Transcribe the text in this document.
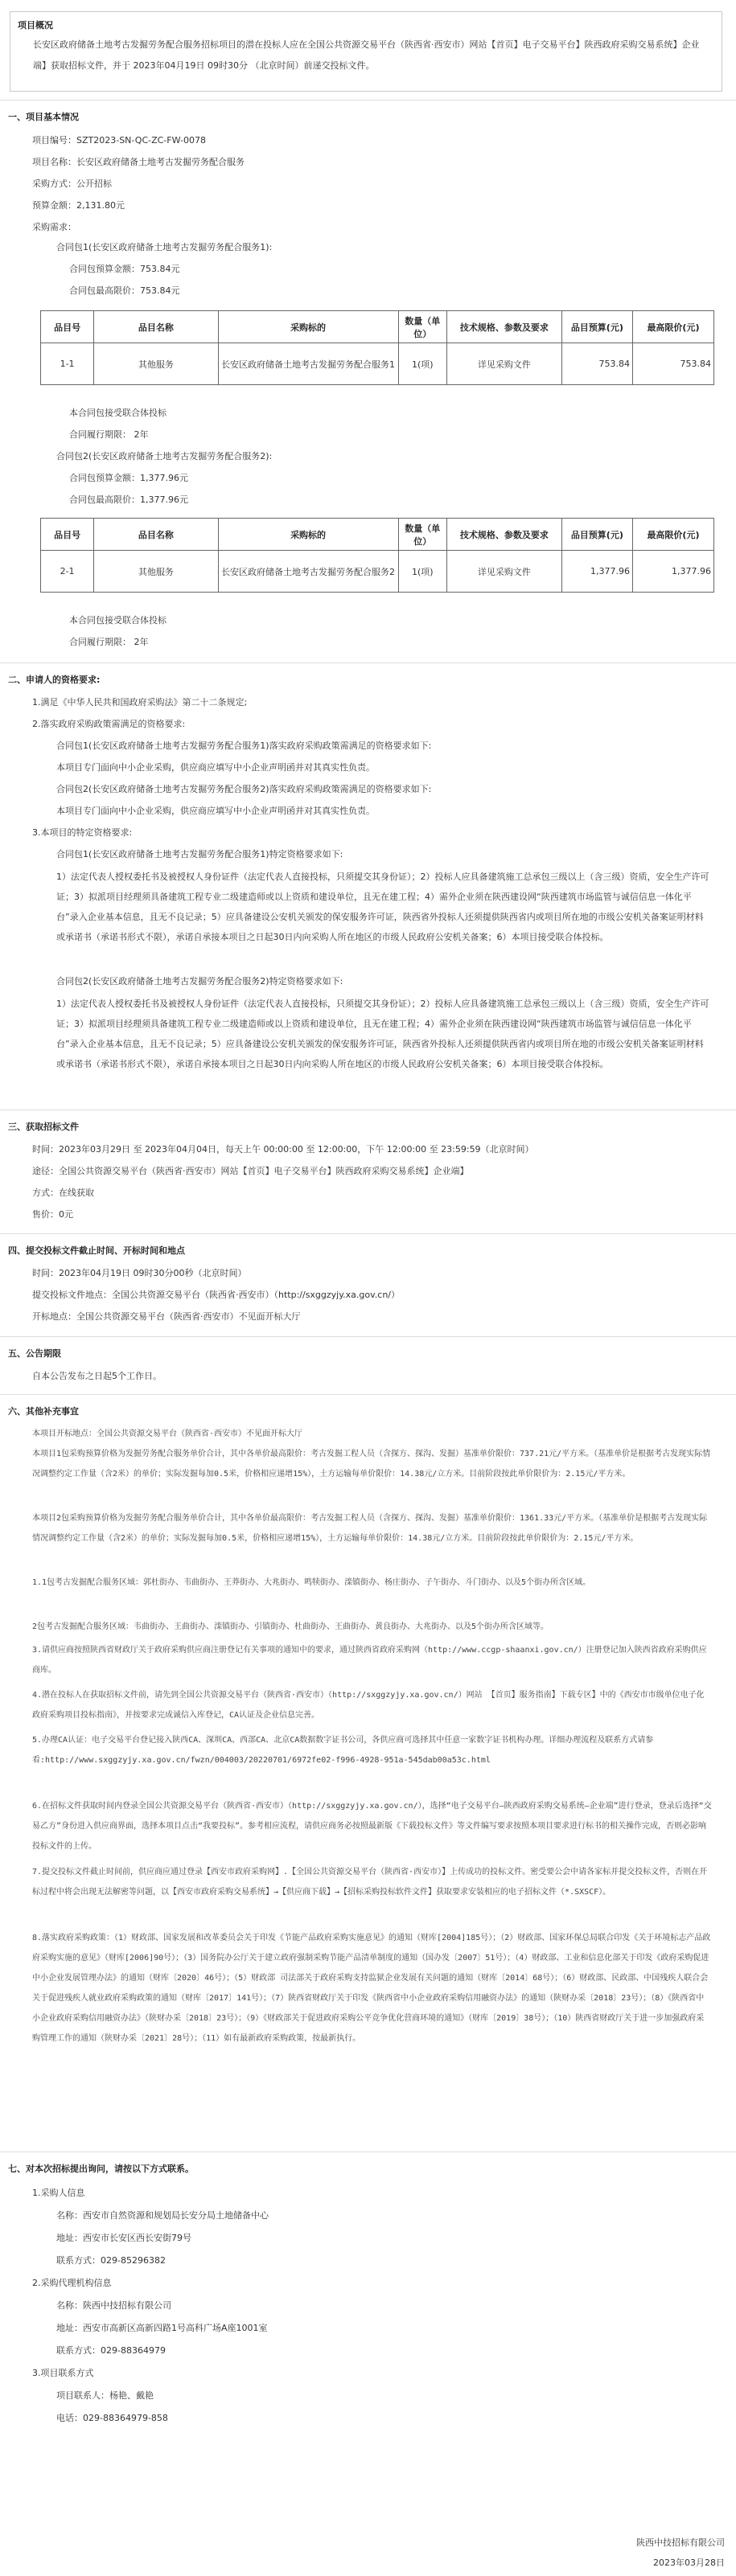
项目概况
长安区政府储备土地考古发掘劳务配合服务招标项目的潜在投标人应在全国公共资源交易平台（陕西省·西安市）网站【首页】电子交易平台】陕西政府采购交易系统】企业端】获取招标文件，并于 2023年04月19日 09时30分 （北京时间）前递交投标文件。
一、项目基本情况
项目编号：SZT2023-SN-QC-ZC-FW-0078
项目名称：长安区政府储备土地考古发掘劳务配合服务
采购方式：公开招标
预算金额：2,131.80元
采购需求：
合同包1(长安区政府储备土地考古发掘劳务配合服务1):
合同包预算金额：753.84元
合同包最高限价：753.84元
品目号	品目名称	采购标的	数量（单位）	技术规格、参数及要求	品目预算(元)	最高限价(元)
1-1	其他服务	长安区政府储备土地考古发掘劳务配合服务1	1(项)	详见采购文件	753.84	753.84
本合同包接受联合体投标
合同履行期限： 2年
合同包2(长安区政府储备土地考古发掘劳务配合服务2):
合同包预算金额：1,377.96元
合同包最高限价：1,377.96元
品目号	品目名称	采购标的	数量（单位）	技术规格、参数及要求	品目预算(元)	最高限价(元)
2-1	其他服务	长安区政府储备土地考古发掘劳务配合服务2	1(项)	详见采购文件	1,377.96	1,377.96
本合同包接受联合体投标
合同履行期限： 2年
二、申请人的资格要求:
1.满足《中华人民共和国政府采购法》第二十二条规定;
2.落实政府采购政策需满足的资格要求:
合同包1(长安区政府储备土地考古发掘劳务配合服务1)落实政府采购政策需满足的资格要求如下:
本项目专门面向中小企业采购，供应商应填写中小企业声明函并对其真实性负责。
合同包2(长安区政府储备土地考古发掘劳务配合服务2)落实政府采购政策需满足的资格要求如下:
本项目专门面向中小企业采购，供应商应填写中小企业声明函并对其真实性负责。
3.本项目的特定资格要求:
合同包1(长安区政府储备土地考古发掘劳务配合服务1)特定资格要求如下:
1）法定代表人授权委托书及被授权人身份证件（法定代表人直接投标，只须提交其身份证）；2）投标人应具备建筑施工总承包三级以上（含三级）资质，安全生产许可证；3）拟派项目经理须具备建筑工程专业二级建造师或以上资质和建设单位，且无在建工程；4）需外企业须在陕西建设网“陕西建筑市场监管与诚信信息一体化平台”录入企业基本信息，且无不良记录；5）应具备建设公安机关颁发的保安服务许可证，陕西省外投标人还须提供陕西省内或项目所在地的市级公安机关备案证明材料或承诺书（承诺书形式不限），承诺自承接本项目之日起30日内向采购人所在地区的市级人民政府公安机关备案；6）本项目接受联合体投标。
合同包2(长安区政府储备土地考古发掘劳务配合服务2)特定资格要求如下:
1）法定代表人授权委托书及被授权人身份证件（法定代表人直接投标，只须提交其身份证）；2）投标人应具备建筑施工总承包三级以上（含三级）资质，安全生产许可证；3）拟派项目经理须具备建筑工程专业二级建造师或以上资质和建设单位，且无在建工程；4）需外企业须在陕西建设网“陕西建筑市场监管与诚信信息一体化平台”录入企业基本信息，且无不良记录；5）应具备建设公安机关颁发的保安服务许可证，陕西省外投标人还须提供陕西省内或项目所在地的市级公安机关备案证明材料或承诺书（承诺书形式不限），承诺自承接本项目之日起30日内向采购人所在地区的市级人民政府公安机关备案；6）本项目接受联合体投标。
三、获取招标文件
时间：2023年03月29日 至 2023年04月04日，每天上午 00:00:00 至 12:00:00，下午 12:00:00 至 23:59:59（北京时间）
途径：全国公共资源交易平台（陕西省·西安市）网站【首页】电子交易平台】陕西政府采购交易系统】企业端】
方式：在线获取
售价：0元
四、提交投标文件截止时间、开标时间和地点
时间：2023年04月19日 09时30分00秒（北京时间）
提交投标文件地点：全国公共资源交易平台（陕西省·西安市）（http://sxggzyjy.xa.gov.cn/）
开标地点：全国公共资源交易平台（陕西省·西安市）不见面开标大厅
五、公告期限
自本公告发布之日起5个工作日。
六、其他补充事宜
本项目开标地点：全国公共资源交易平台（陕西省·西安市）不见面开标大厅
本项目1包采购预算价格为发掘劳务配合服务单价合计，其中各单价最高限价：考古发掘工程人员（含探方、探沟、发掘）基准单价限价：737.21元/平方米。（基准单价是根据考古发现实际情况调整约定工作量（含2米）的单价；实际发掘每加0.5米，价格相应递增15%），土方运输每单价限价：14.38元/立方米。目前阶段按此单价限价为：2.15元/平方米。
本项目2包采购预算价格为发掘劳务配合服务单价合计，其中各单价最高限价：考古发掘工程人员（含探方、探沟、发掘）基准单价限价：1361.33元/平方米。（基准单价是根据考古发现实际情况调整约定工作量（含2米）的单价；实际发掘每加0.5米，价格相应递增15%），土方运输每单价限价：14.38元/立方米。目前阶段按此单价限价为：2.15元/平方米。
1.1包考古发掘配合服务区域：郭杜街办、韦曲街办、王莽街办、大兆街办、鸣犊街办、滦镇街办、杨庄街办、子午街办、斗门街办、以及5个街办所含区域。
2包考古发掘配合服务区域：韦曲街办、王曲街办、滦镇街办、引镇街办、杜曲街办、王曲街办、黄良街办、大兆街办、以及5个街办所含区域等。
3.请供应商按照陕西省财政厅关于政府采购供应商注册登记有关事项的通知中的要求，通过陕西省政府采购网（http://www.ccgp-shaanxi.gov.cn/）注册登记加入陕西省政府采购供应商库。
4.潜在投标人在获取招标文件前，请先到全国公共资源交易平台（陕西省·西安市）（http://sxggzyjy.xa.gov.cn/）网站 【首页】服务指南】下载专区】中的《西安市市级单位电子化政府采购项目投标指南》，并按要求完成诚信入库登记，CA认证及企业信息完善。
5.办理CA认证：电子交易平台登记接入陕西CA、深圳CA、西部CA、北京CA数据数字证书公司，各供应商可选择其中任意一家数字证书机构办理。详细办理流程及联系方式请参看:http://www.sxggzyjy.xa.gov.cn/fwzn/004003/20220701/6972fe02-f996-4928-951a-545dab00a53c.html
6.在招标文件获取时间内登录全国公共资源交易平台（陕西省·西安市）（http://sxggzyjy.xa.gov.cn/），选择“电子交易平台—陕西政府采购交易系统—企业端”进行登录，登录后选择“交易乙方”身份进入供应商界面，选择本项目点击“我要投标”。参考相应流程，请供应商务必按照最新版《下载投标文件》等文件编写要求按照本项目要求进行标书的相关操作完成，否则必影响投标文件的上传。
7.提交投标文件截止时间前，供应商应通过登录【西安市政府采购网】.【全国公共资源交易平台（陕西省·西安市）】上传成功的投标文件。密受要公会中请各家标并提交投标文件，否则在开标过程中将会出现无法解密等问题，以【西安市政府采购交易系统】→【供应商下载】→【招标采购投标软件文件】获取要求安装相应的电子招标文件（*.SXSCF）。
8.落实政府采购政策：（1）财政部、国家发展和改革委员会关于印发《节能产品政府采购实施意见》的通知（财库[2004]185号）；（2）财政部、国家环保总局联合印发《关于环境标志产品政府采购实施的意见》（财库[2006]90号）；（3）国务院办公厅关于建立政府强制采购节能产品清单制度的通知（国办发〔2007〕51号）；（4）财政部、工业和信息化部关于印发《政府采购促进中小企业发展管理办法》的通知（财库〔2020〕46号）；（5）财政部 司法部关于政府采购支持监狱企业发展有关问题的通知（财库〔2014〕68号）；（6）财政部、民政部、中国残疾人联合会关于促进残疾人就业政府采购政策的通知（财库〔2017〕141号）；（7）陕西省财政厅关于印发《陕西省中小企业政府采购信用融资办法》的通知（陕财办采〔2018〕23号）；（8）《陕西省中小企业政府采购信用融资办法》（陕财办采〔2018〕23号）；（9）《财政部关于促进政府采购公平竞争优化营商环境的通知》（财库〔2019〕38号）；（10）陕西省财政厅关于进一步加强政府采购管理工作的通知（陕财办采〔2021〕28号）；（11）如有最新政府采购政策，按最新执行。
七、对本次招标提出询问，请按以下方式联系。
1.采购人信息
名称：西安市自然资源和规划局长安分局土地储备中心
地址：西安市长安区西长安街79号
联系方式：029-85296382
2.采购代理机构信息
名称：陕西中技招标有限公司
地址：西安市高新区高新四路1号高科广场A座1001室
联系方式：029-88364979
3.项目联系方式
项目联系人：杨艳、戴艳
电话：029-88364979-858
陕西中技招标有限公司
2023年03月28日
